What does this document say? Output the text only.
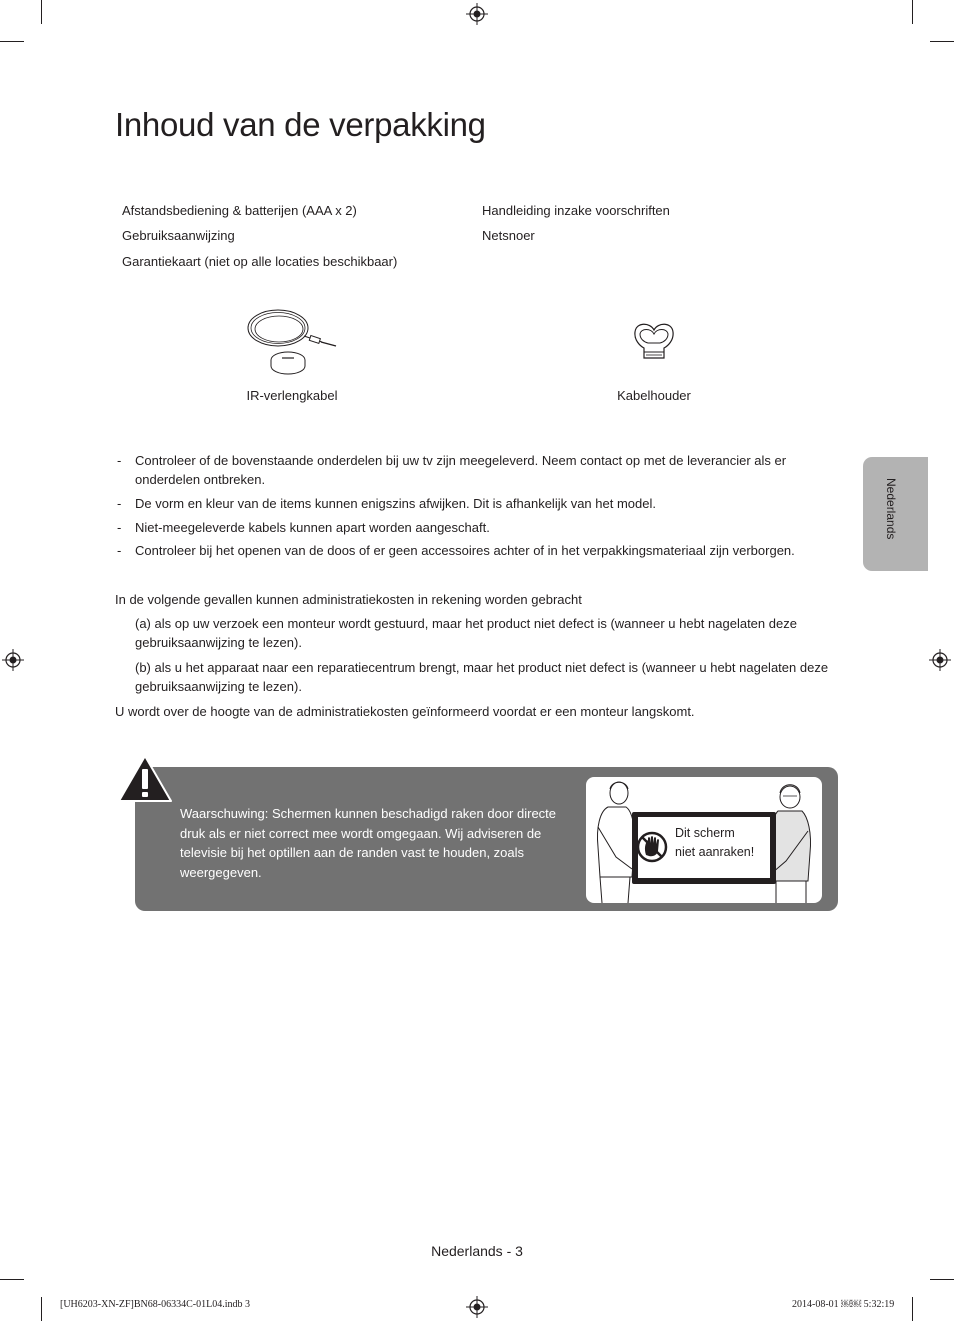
Inhoud van de verpakking
Afstandsbediening & batterijen (AAA x 2)
Gebruiksaanwijzing
Garantiekaart (niet op alle locaties beschikbaar)
Handleiding inzake voorschriften
Netsnoer
IR-verlengkabel	Kabelhouder
- Controleer of de bovenstaande onderdelen bij uw tv zijn meegeleverd. Neem contact op met de leverancier als er onderdelen ontbreken.
- De vorm en kleur van de items kunnen enigszins afwijken. Dit is afhankelijk van het model.
- Niet-meegeleverde kabels kunnen apart worden aangeschaft.
- Controleer bij het openen van de doos of er geen accessoires achter of in het verpakkingsmateriaal zijn verborgen.
In de volgende gevallen kunnen administratiekosten in rekening worden gebracht
(a) als op uw verzoek een monteur wordt gestuurd, maar het product niet defect is (wanneer u hebt nagelaten deze gebruiksaanwijzing te lezen).
(b) als u het apparaat naar een reparatiecentrum brengt, maar het product niet defect is (wanneer u hebt nagelaten deze gebruiksaanwijzing te lezen).
U wordt over de hoogte van de administratiekosten geïnformeerd voordat er een monteur langskomt.
Nederlands
Waarschuwing: Schermen kunnen beschadigd raken door directe druk als er niet correct mee wordt omgegaan. Wij adviseren de televisie bij het optillen aan de randen vast te houden, zoals weergegeven.
Dit scherm
niet aanraken!
Nederlands - 3
[UH6203-XN-ZF]BN68-06334C-01L04.indb 3	2014-08-01 ￼￼ 5:32:19
